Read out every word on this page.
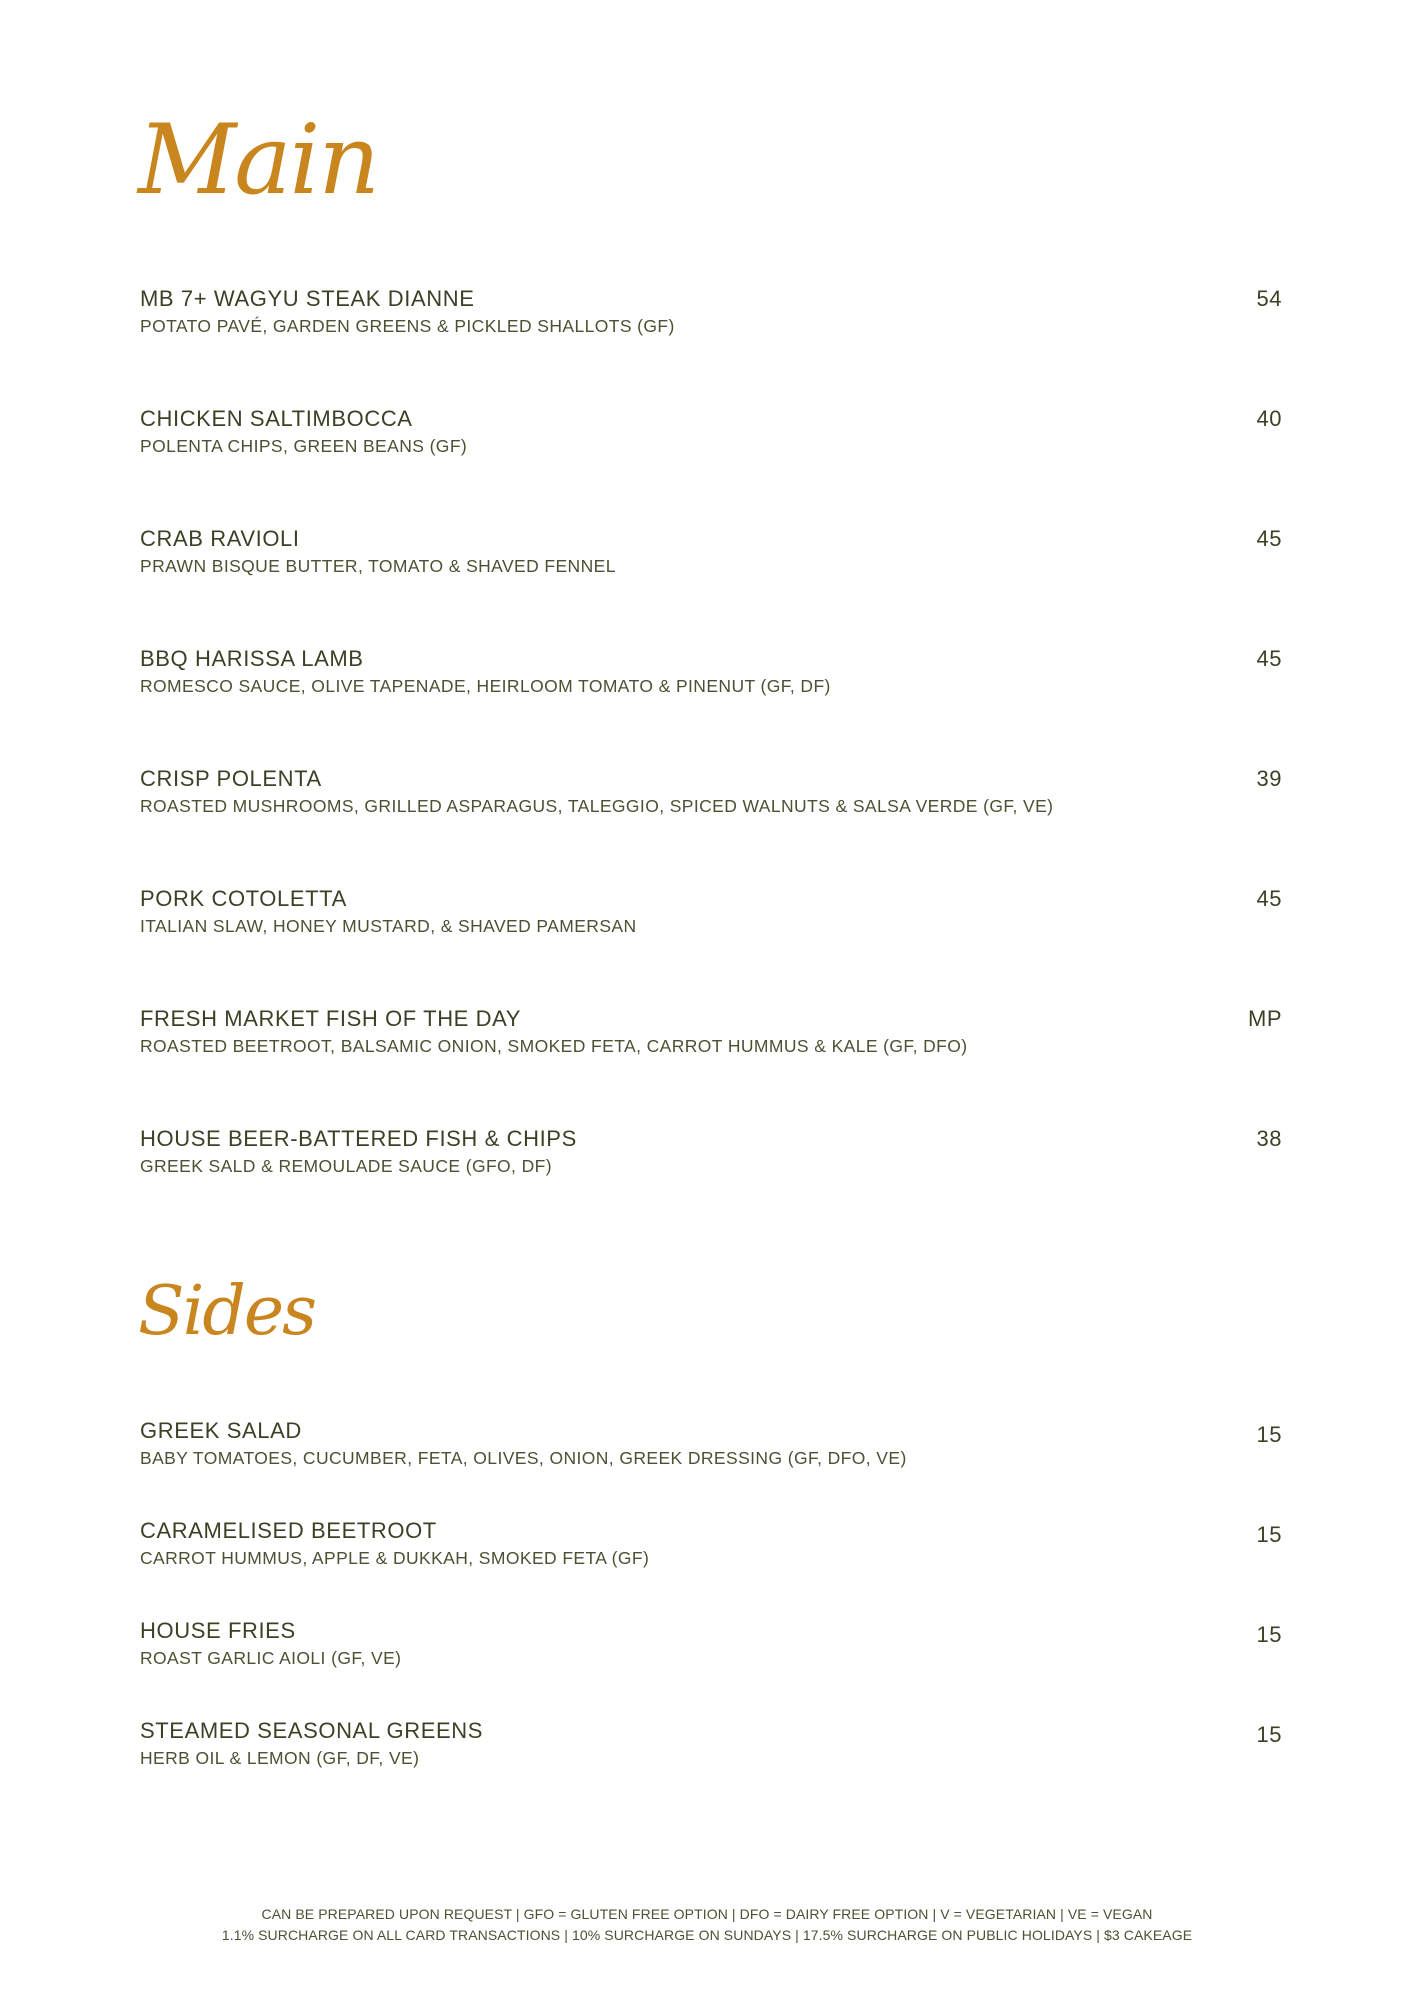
Main
MB 7+ WAGYU STEAK DIANNE
POTATO PAVÉ, GARDEN GREENS & PICKLED SHALLOTS (GF)
54
CHICKEN SALTIMBOCCA
POLENTA CHIPS, GREEN BEANS (GF)
40
CRAB RAVIOLI
PRAWN BISQUE BUTTER, TOMATO & SHAVED FENNEL
45
BBQ HARISSA LAMB
ROMESCO SAUCE, OLIVE TAPENADE, HEIRLOOM TOMATO & PINENUT (GF, DF)
45
CRISP POLENTA
ROASTED MUSHROOMS, GRILLED ASPARAGUS, TALEGGIO, SPICED WALNUTS & SALSA VERDE (GF, VE)
39
PORK COTOLETTA
ITALIAN SLAW, HONEY MUSTARD, & SHAVED PAMERSAN
45
FRESH MARKET FISH OF THE DAY
ROASTED BEETROOT, BALSAMIC ONION, SMOKED FETA, CARROT HUMMUS & KALE (GF, DFO)
MP
HOUSE BEER-BATTERED FISH & CHIPS
GREEK SALD & REMOULADE SAUCE (GFO, DF)
38
Sides
GREEK SALAD
BABY TOMATOES, CUCUMBER, FETA, OLIVES, ONION, GREEK DRESSING (GF, DFO, VE)
15
CARAMELISED BEETROOT
CARROT HUMMUS, APPLE & DUKKAH, SMOKED FETA (GF)
15
HOUSE FRIES
ROAST GARLIC AIOLI (GF, VE)
15
STEAMED SEASONAL GREENS
HERB OIL & LEMON (GF, DF, VE)
15
CAN BE PREPARED UPON REQUEST | GFO = GLUTEN FREE OPTION | DFO = DAIRY FREE OPTION | V = VEGETARIAN | VE = VEGAN
1.1% SURCHARGE ON ALL CARD TRANSACTIONS | 10% SURCHARGE ON SUNDAYS | 17.5% SURCHARGE ON PUBLIC HOLIDAYS | $3 CAKEAGE
